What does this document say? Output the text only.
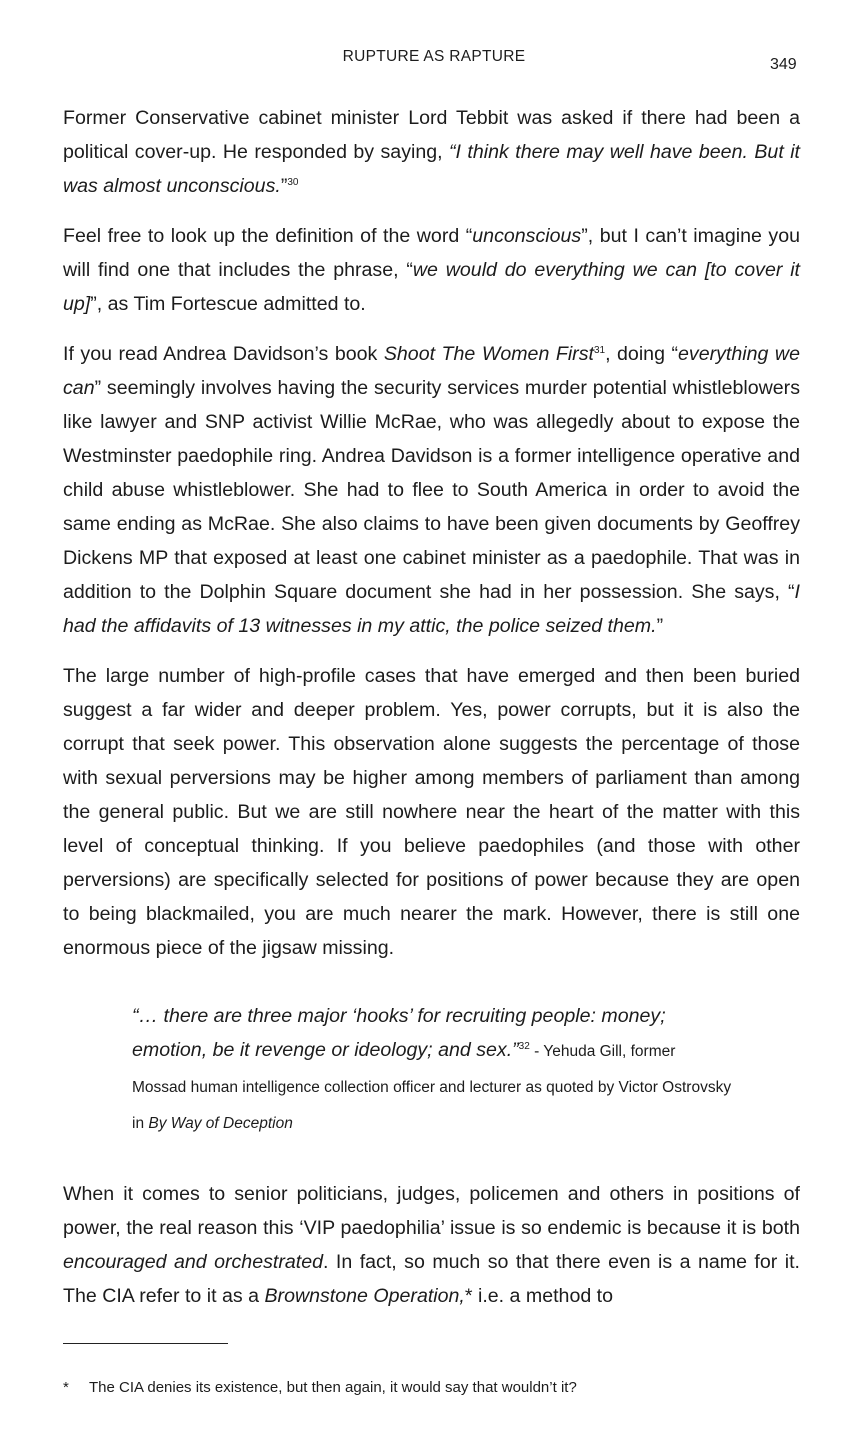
RUPTURE AS RAPTURE	349

Former Conservative cabinet minister Lord Tebbit was asked if there had been a political cover-up. He responded by saying, “I think there may well have been. But it was almost unconscious.”$^{30}$

Feel free to look up the definition of the word “unconscious”, but I can’t imagine you will find one that includes the phrase, “we would do everything we can [to cover it up]”, as Tim Fortescue admitted to.

If you read Andrea Davidson’s book Shoot The Women First$^{31}$, doing “everything we can” seemingly involves having the security services murder potential whistleblowers like lawyer and SNP activist Willie McRae, who was allegedly about to expose the Westminster paedophile ring. Andrea Davidson is a former intelligence operative and child abuse whistleblower. She had to flee to South America in order to avoid the same ending as McRae. She also claims to have been given documents by Geoffrey Dickens MP that exposed at least one cabinet minister as a paedophile. That was in addition to the Dolphin Square document she had in her possession. She says, “I had the affidavits of 13 witnesses in my attic, the police seized them.”

The large number of high-profile cases that have emerged and then been buried suggest a far wider and deeper problem. Yes, power corrupts, but it is also the corrupt that seek power. This observation alone suggests the percentage of those with sexual perversions may be higher among members of parliament than among the general public. But we are still nowhere near the heart of the matter with this level of conceptual thinking. If you believe paedophiles (and those with other perversions) are specifically selected for positions of power because they are open to being blackmailed, you are much nearer the mark. However, there is still one enormous piece of the jigsaw missing.

“… there are three major ‘hooks’ for recruiting people: money; emotion, be it revenge or ideology; and sex.”$^{32}$ - Yehuda Gill, former Mossad human intelligence collection officer and lecturer as quoted by Victor Ostrovsky in By Way of Deception

When it comes to senior politicians, judges, policemen and others in positions of power, the real reason this ‘VIP paedophilia’ issue is so endemic is because it is both encouraged and orchestrated. In fact, so much so that there even is a name for it. The CIA refer to it as a Brownstone Operation,* i.e. a method to

* The CIA denies its existence, but then again, it would say that wouldn’t it?
